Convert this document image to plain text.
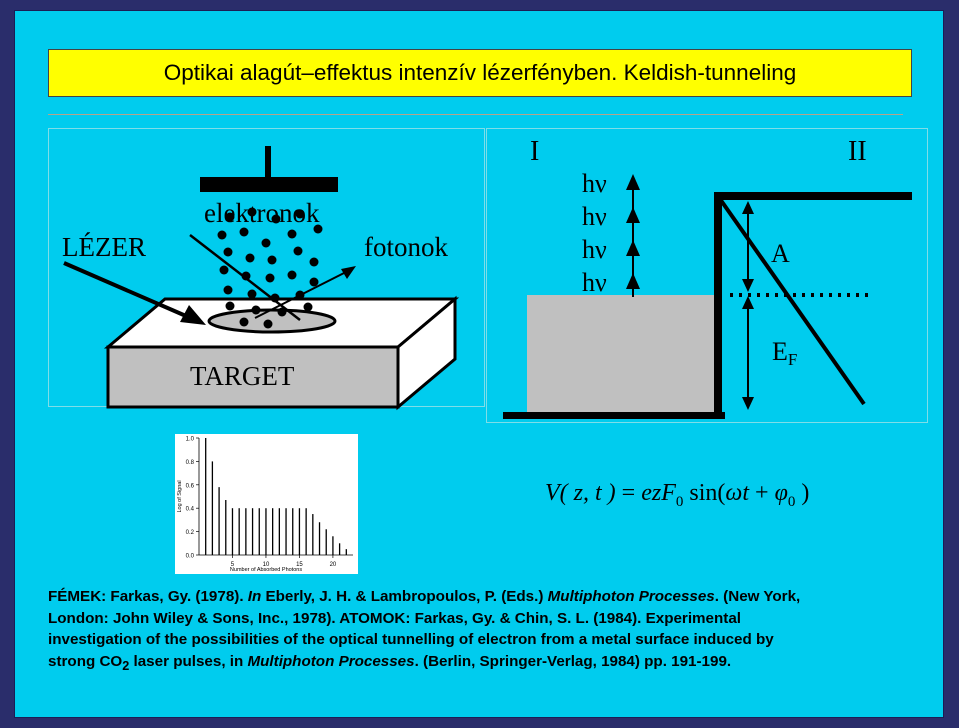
Optikai alagút–effektus intenzív lézerfényben. Keldish-tunneling
LÉZER
elektronok
fotonok
TARGET
I	II
hν
hν
hν
hν
A
EF
0.0
0.2
0.4
0.6
0.8
1.0
5	10	15	20
Number of Absorbed Photons
Log of Signal	V( z, t ) = ezF$_0$ $\sin(\omega t + \varphi_0$ )
FÉMEK: Farkas, Gy. (1978). In Eberly, J. H. & Lambropoulos, P. (Eds.) Multiphoton Processes. (New York,
London: John Wiley & Sons, Inc., 1978). ATOMOK: Farkas, Gy. & Chin, S. L. (1984). Experimental
investigation of the possibilities of the optical tunnelling of electron from a metal surface induced by
strong $CO_2$ laser pulses, in Multiphoton Processes. (Berlin, Springer-Verlag, 1984) pp. 191-199.
